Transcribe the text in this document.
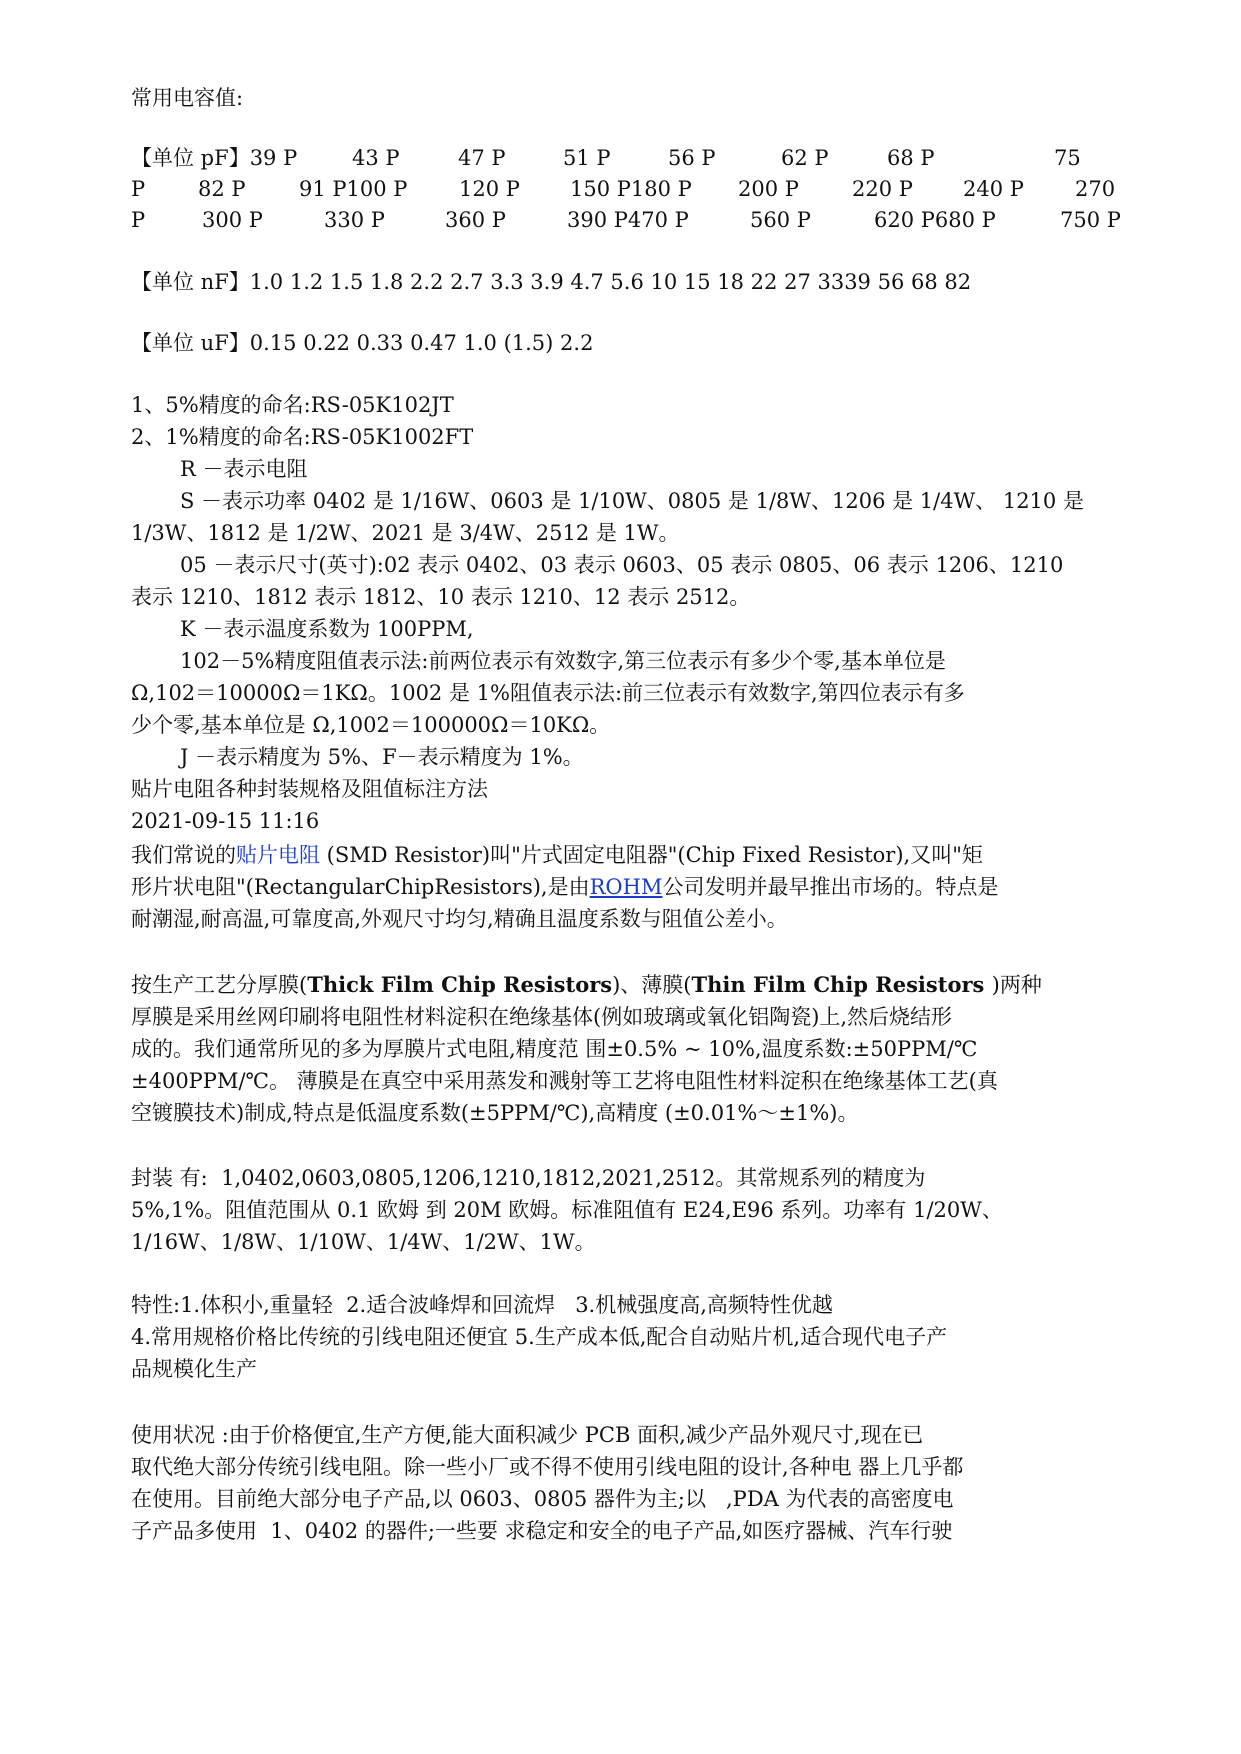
常用电容值:
【单位 pF】39 P	43 P	47 P	51 P	56 P	62 P	68 P	75
P	82 P	91 P100 P 120 P 150 P180 P 200 P	220 P 240 P 270
P	300 P	330 P	360 P	390 P470 P	560 P	620 P680 P	750 P
【单位 nF】1.0 1.2 1.5 1.8 2.2 2.7 3.3 3.9 4.7 5.6 10 15 18 22 27 3339 56 68 82
【单位 uF】0.15 0.22 0.33 0.47 1.0 (1.5) 2.2
1、5%精度的命名:RS-05K102JT
2、1%精度的命名:RS-05K1002FT
R －表示电阻
S －表示功率 0402 是 1/16W、0603 是 1/10W、0805 是 1/8W、1206 是 1/4W、 1210 是
1/3W、1812 是 1/2W、2021 是 3/4W、2512 是 1W。
05 －表示尺寸(英寸):02 表示 0402、03 表示 0603、05 表示 0805、06 表示 1206、1210
表示 1210、1812 表示 1812、10 表示 1210、12 表示 2512。
K －表示温度系数为 100PPM,
102－5%精度阻值表示法:前两位表示有效数字,第三位表示有多少个零,基本单位是
Ω,102＝10000Ω＝1KΩ。1002 是 1%阻值表示法:前三位表示有效数字,第四位表示有多
少个零,基本单位是 Ω,1002＝100000Ω＝10KΩ。
J －表示精度为 5%、F－表示精度为 1%。
贴片电阻各种封装规格及阻值标注方法
2021-09-15 11:16
我们常说的贴片电阻 (SMD Resistor)叫"片式固定电阻器"(Chip Fixed Resistor),又叫"矩
形片状电阻"(RectangularChipResistors),是由ROHM公司发明并最早推出市场的。特点是
耐潮湿,耐高温,可靠度高,外观尺寸均匀,精确且温度系数与阻值公差小。
按生产工艺分厚膜(Thick Film Chip Resistors)、薄膜(Thin Film Chip Resistors )两种
厚膜是采用丝网印刷将电阻性材料淀积在绝缘基体(例如玻璃或氧化铝陶瓷)上,然后烧结形
成的。我们通常所见的多为厚膜片式电阻,精度范 围±0.5% ~ 10%,温度系数:±50PPM/℃
±400PPM/℃。 薄膜是在真空中采用蒸发和溅射等工艺将电阻性材料淀积在绝缘基体工艺(真
空镀膜技术)制成,特点是低温度系数(±5PPM/℃),高精度 (±0.01%～±1%)。
封装 有:  1,0402,0603,0805,1206,1210,1812,2021,2512。其常规系列的精度为
5%,1%。阻值范围从 0.1 欧姆 到 20M 欧姆。标准阻值有 E24,E96 系列。功率有 1/20W、
1/16W、1/8W、1/10W、1/4W、1/2W、1W。
特性:1.体积小,重量轻  2.适合波峰焊和回流焊   3.机械强度高,高频特性优越
4.常用规格价格比传统的引线电阻还便宜 5.生产成本低,配合自动贴片机,适合现代电子产
品规模化生产
使用状况 :由于价格便宜,生产方便,能大面积减少 PCB 面积,减少产品外观尺寸,现在已
取代绝大部分传统引线电阻。除一些小厂或不得不使用引线电阻的设计,各种电 器上几乎都
在使用。目前绝大部分电子产品,以 0603、0805 器件为主;以   ,PDA 为代表的高密度电
子产品多使用  1、0402 的器件;一些要 求稳定和安全的电子产品,如医疗器械、汽车行驶
